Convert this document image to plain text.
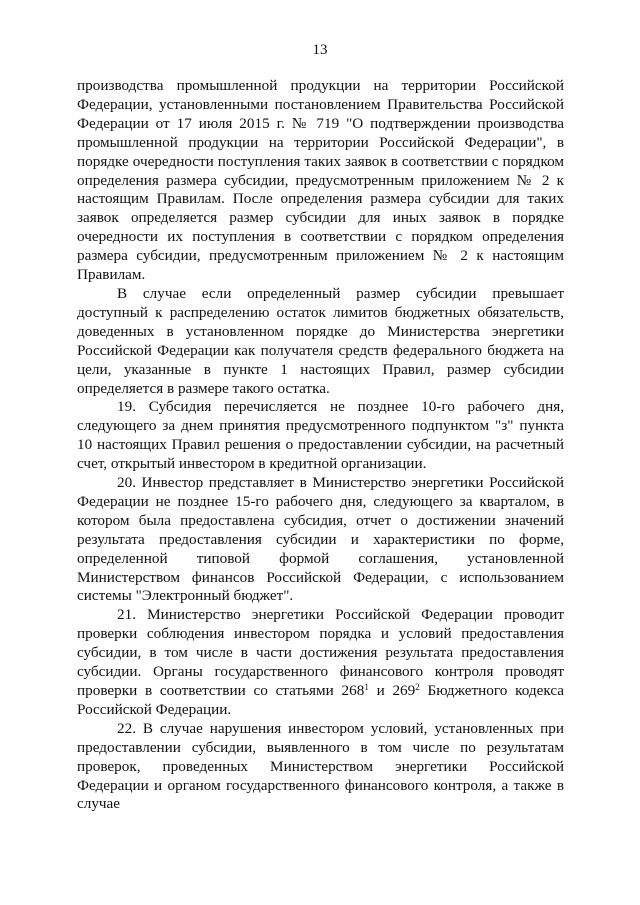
13

производства промышленной продукции на территории Российской Федерации, установленными постановлением Правительства Российской Федерации от 17 июля 2015 г. № 719 "О подтверждении производства промышленной продукции на территории Российской Федерации", в порядке очередности поступления таких заявок в соответствии с порядком определения размера субсидии, предусмотренным приложением № 2 к настоящим Правилам. После определения размера субсидии для таких заявок определяется размер субсидии для иных заявок в порядке очередности их поступления в соответствии с порядком определения размера субсидии, предусмотренным приложением № 2 к настоящим Правилам.

В случае если определенный размер субсидии превышает доступный к распределению остаток лимитов бюджетных обязательств, доведенных в установленном порядке до Министерства энергетики Российской Федерации как получателя средств федерального бюджета на цели, указанные в пункте 1 настоящих Правил, размер субсидии определяется в размере такого остатка.

19. Субсидия перечисляется не позднее 10-го рабочего дня, следующего за днем принятия предусмотренного подпунктом "з" пункта 10 настоящих Правил решения о предоставлении субсидии, на расчетный счет, открытый инвестором в кредитной организации.

20. Инвестор представляет в Министерство энергетики Российской Федерации не позднее 15-го рабочего дня, следующего за кварталом, в котором была предоставлена субсидия, отчет о достижении значений результата предоставления субсидии и характеристики по форме, определенной типовой формой соглашения, установленной Министерством финансов Российской Федерации, с использованием системы "Электронный бюджет".

21. Министерство энергетики Российской Федерации проводит проверки соблюдения инвестором порядка и условий предоставления субсидии, в том числе в части достижения результата предоставления субсидии. Органы государственного финансового контроля проводят проверки в соответствии со статьями $268^1$ и $269^2$ Бюджетного кодекса Российской Федерации.

22. В случае нарушения инвестором условий, установленных при предоставлении субсидии, выявленного в том числе по результатам проверок, проведенных Министерством энергетики Российской Федерации и органом государственного финансового контроля, а также в случае
